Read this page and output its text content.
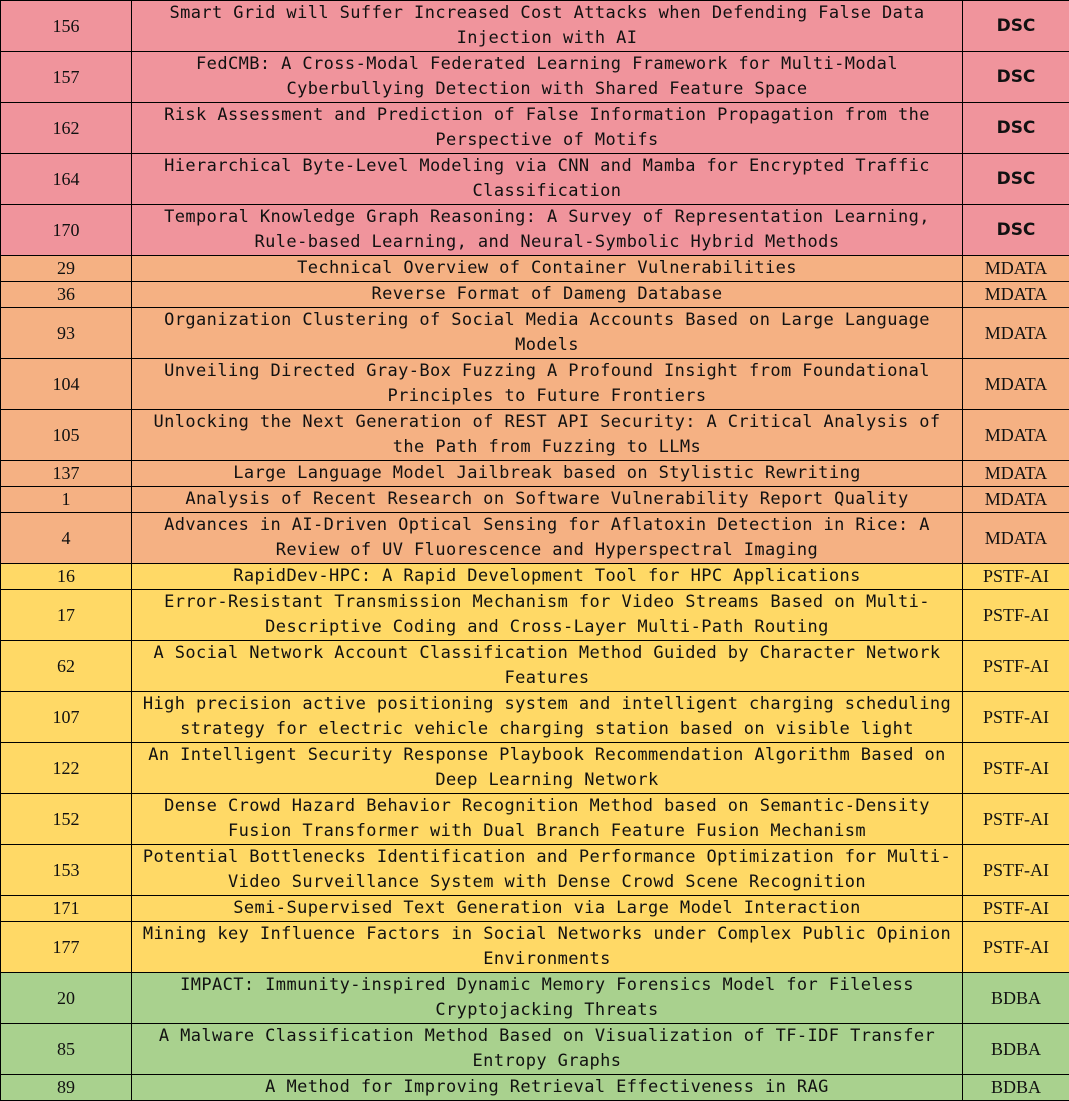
156	Smart Grid will Suffer Increased Cost Attacks when Defending False Data Injection with AI	DSC
157	FedCMB: A Cross-Modal Federated Learning Framework for Multi-Modal Cyberbullying Detection with Shared Feature Space	DSC
162	Risk Assessment and Prediction of False Information Propagation from the Perspective of Motifs	DSC
164	Hierarchical Byte-Level Modeling via CNN and Mamba for Encrypted Traffic Classification	DSC
170	Temporal Knowledge Graph Reasoning: A Survey of Representation Learning, Rule-based Learning, and Neural-Symbolic Hybrid Methods	DSC
29	Technical Overview of Container Vulnerabilities	MDATA
36	Reverse Format of Dameng Database	MDATA
93	Organization Clustering of Social Media Accounts Based on Large Language Models	MDATA
104	Unveiling Directed Gray-Box Fuzzing A Profound Insight from Foundational Principles to Future Frontiers	MDATA
105	Unlocking the Next Generation of REST API Security: A Critical Analysis of the Path from Fuzzing to LLMs	MDATA
137	Large Language Model Jailbreak based on Stylistic Rewriting	MDATA
1	Analysis of Recent Research on Software Vulnerability Report Quality	MDATA
4	Advances in AI-Driven Optical Sensing for Aflatoxin Detection in Rice: A Review of UV Fluorescence and Hyperspectral Imaging	MDATA
16	RapidDev-HPC: A Rapid Development Tool for HPC Applications	PSTF-AI
17	Error-Resistant Transmission Mechanism for Video Streams Based on Multi-Descriptive Coding and Cross-Layer Multi-Path Routing	PSTF-AI
62	A Social Network Account Classification Method Guided by Character Network Features	PSTF-AI
107	High precision active positioning system and intelligent charging scheduling strategy for electric vehicle charging station based on visible light	PSTF-AI
122	An Intelligent Security Response Playbook Recommendation Algorithm Based on Deep Learning Network	PSTF-AI
152	Dense Crowd Hazard Behavior Recognition Method based on Semantic-Density Fusion Transformer with Dual Branch Feature Fusion Mechanism	PSTF-AI
153	Potential Bottlenecks Identification and Performance Optimization for Multi-Video Surveillance System with Dense Crowd Scene Recognition	PSTF-AI
171	Semi-Supervised Text Generation via Large Model Interaction	PSTF-AI
177	Mining key Influence Factors in Social Networks under Complex Public Opinion Environments	PSTF-AI
20	IMPACT: Immunity-inspired Dynamic Memory Forensics Model for Fileless Cryptojacking Threats	BDBA
85	A Malware Classification Method Based on Visualization of TF-IDF Transfer Entropy Graphs	BDBA
89	A Method for Improving Retrieval Effectiveness in RAG	BDBA
